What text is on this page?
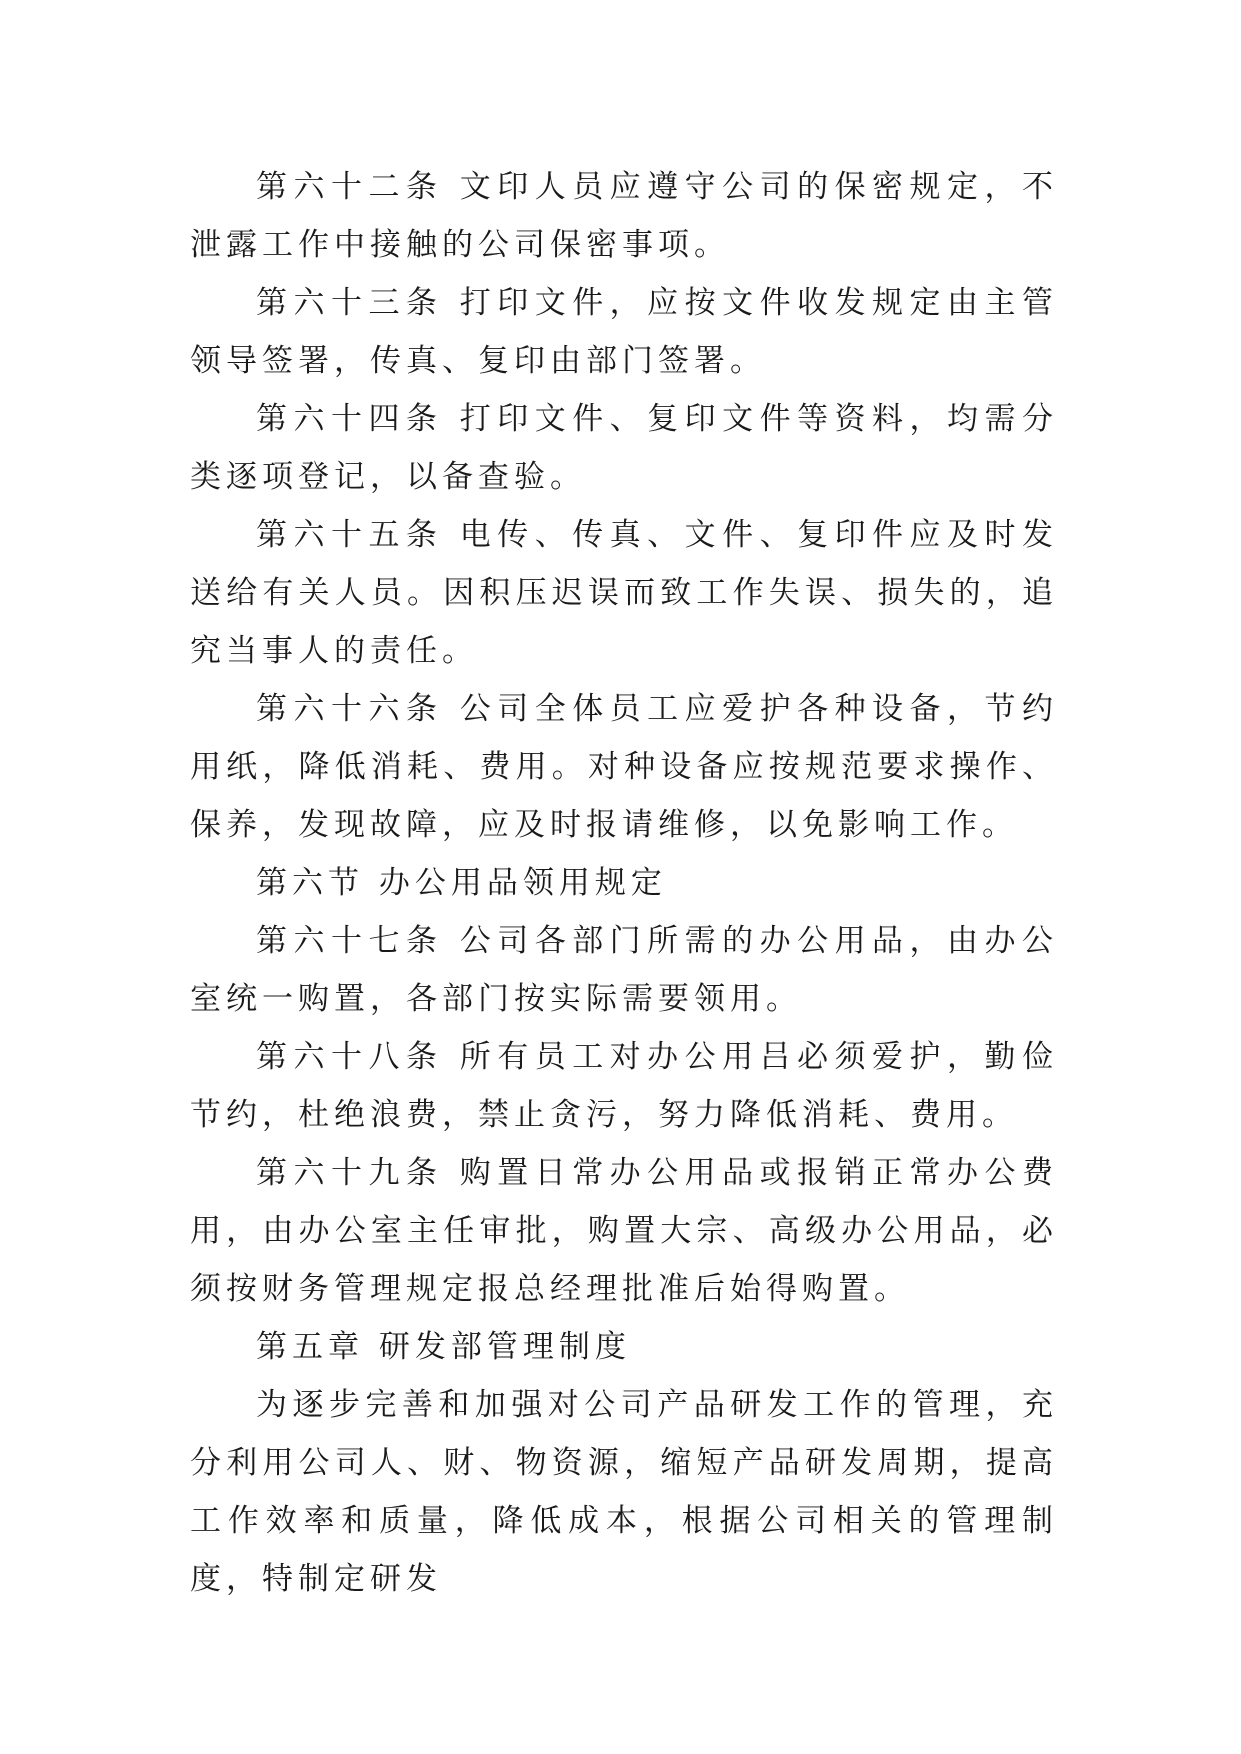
第六十二条 文印人员应遵守公司的保密规定，不泄露工作中接触的公司保密事项。

第六十三条 打印文件，应按文件收发规定由主管领导签署，传真、复印由部门签署。

第六十四条 打印文件、复印文件等资料，均需分类逐项登记，以备查验。

第六十五条 电传、传真、文件、复印件应及时发送给有关人员。因积压迟误而致工作失误、损失的，追究当事人的责任。

第六十六条 公司全体员工应爱护各种设备，节约用纸，降低消耗、费用。对种设备应按规范要求操作、保养，发现故障，应及时报请维修，以免影响工作。

第六节 办公用品领用规定

第六十七条 公司各部门所需的办公用品，由办公室统一购置，各部门按实际需要领用。

第六十八条 所有员工对办公用吕必须爱护，勤俭节约，杜绝浪费，禁止贪污，努力降低消耗、费用。

第六十九条 购置日常办公用品或报销正常办公费用，由办公室主任审批，购置大宗、高级办公用品，必须按财务管理规定报总经理批准后始得购置。

第五章 研发部管理制度

为逐步完善和加强对公司产品研发工作的管理，充分利用公司人、财、物资源，缩短产品研发周期，提高工作效率和质量，降低成本，根据公司相关的管理制度，特制定研发
